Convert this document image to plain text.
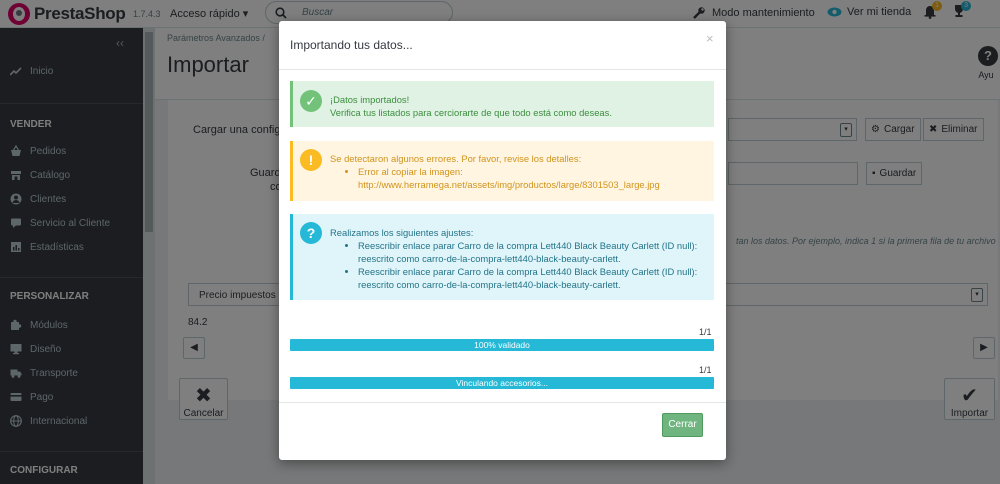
Importando tus datos...	×
✓	¡Datos importados!
Verifica tus listados para cerciorarte de que todo está como deseas.
!	Se detectaron algunos errores. Por favor, revise los detalles:
• Error al copiar la imagen: http://www.herramega.net/assets/img/productos/large/8301503_large.jpg
?	Realizamos los siguientes ajustes:
• Reescribir enlace parar Carro de la compra Lett440 Black Beauty Carlett (ID null): reescrito como carro-de-la-compra-lett440-black-beauty-carlett.
• Reescribir enlace parar Carro de la compra Lett440 Black Beauty Carlett (ID null): reescrito como carro-de-la-compra-lett440-black-beauty-carlett.
1/1
100% validado
1/1
Vinculando accesorios...
Cerrar
